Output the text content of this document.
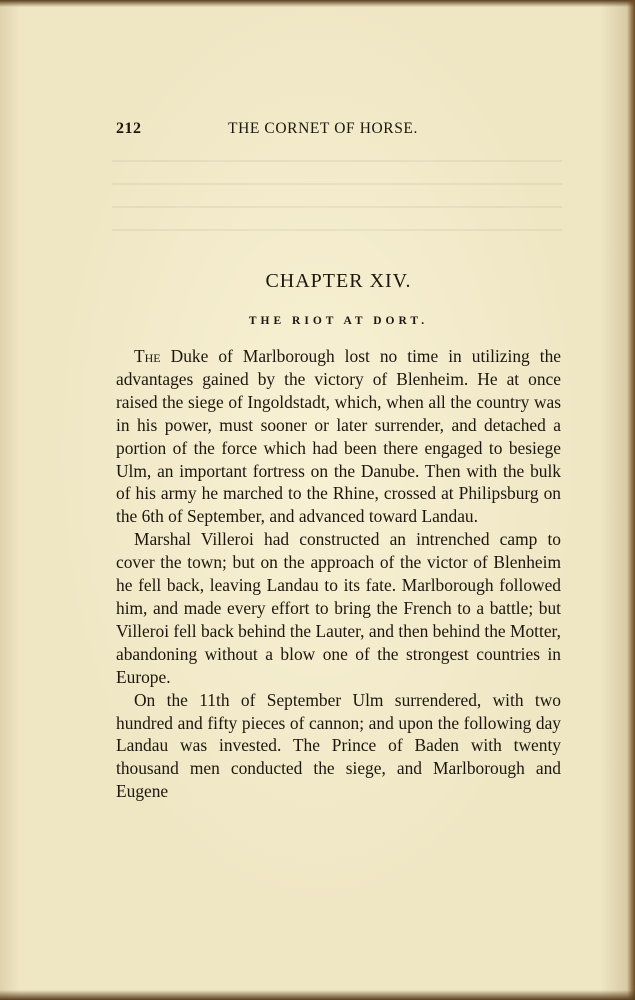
212	THE CORNET OF HORSE.
CHAPTER XIV.
THE RIOT AT DORT.

The Duke of Marlborough lost no time in utilizing the advantages gained by the victory of Blenheim. He at once raised the siege of Ingoldstadt, which, when all the country was in his power, must sooner or later surrender, and detached a portion of the force which had been there engaged to besiege Ulm, an important fortress on the Danube. Then with the bulk of his army he marched to the Rhine, crossed at Philipsburg on the 6th of September, and advanced toward Landau.

Marshal Villeroi had constructed an intrenched camp to cover the town; but on the approach of the victor of Blenheim he fell back, leaving Landau to its fate. Marlborough followed him, and made every effort to bring the French to a battle; but Villeroi fell back behind the Lauter, and then behind the Motter, abandoning without a blow one of the strongest countries in Europe.

On the 11th of September Ulm surrendered, with two hundred and fifty pieces of cannon; and upon the following day Landau was invested. The Prince of Baden with twenty thousand men conducted the siege, and Marlborough and Eugene
